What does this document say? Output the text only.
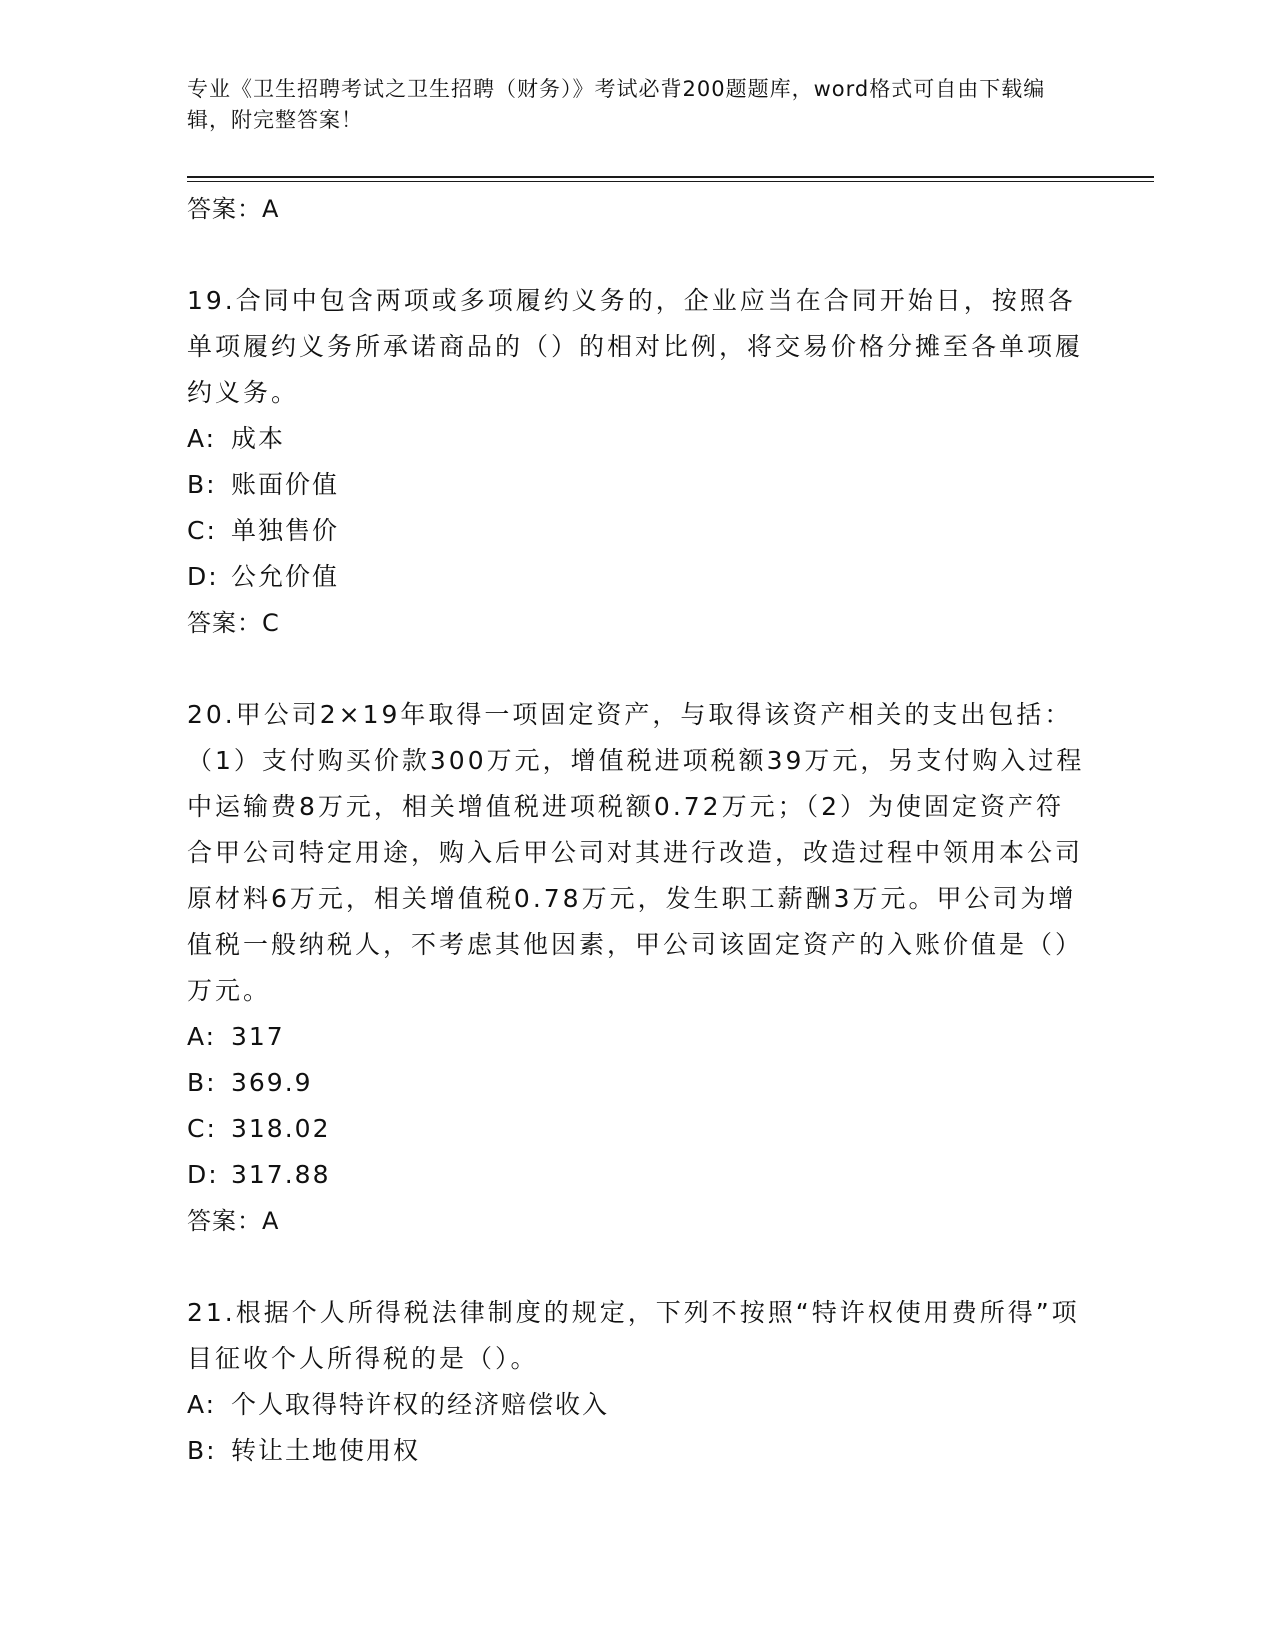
专业《卫生招聘考试之卫生招聘（财务）》考试必背200题题库，word格式可自由下载编辑，附完整答案！
答案：A
19.合同中包含两项或多项履约义务的，企业应当在合同开始日，按照各单项履约义务所承诺商品的（）的相对比例，将交易价格分摊至各单项履约义务。
A: 成本
B: 账面价值
C: 单独售价
D: 公允价值
答案：C
20.甲公司2×19年取得一项固定资产，与取得该资产相关的支出包括：（1）支付购买价款300万元，增值税进项税额39万元，另支付购入过程中运输费8万元，相关增值税进项税额0.72万元；（2）为使固定资产符合甲公司特定用途，购入后甲公司对其进行改造，改造过程中领用本公司原材料6万元，相关增值税0.78万元，发生职工薪酬3万元。甲公司为增值税一般纳税人，不考虑其他因素，甲公司该固定资产的入账价值是（）万元。
A: 317
B: 369.9
C: 318.02
D: 317.88
答案：A
21.根据个人所得税法律制度的规定，下列不按照“特许权使用费所得”项目征收个人所得税的是（）。
A: 个人取得特许权的经济赔偿收入
B: 转让土地使用权
